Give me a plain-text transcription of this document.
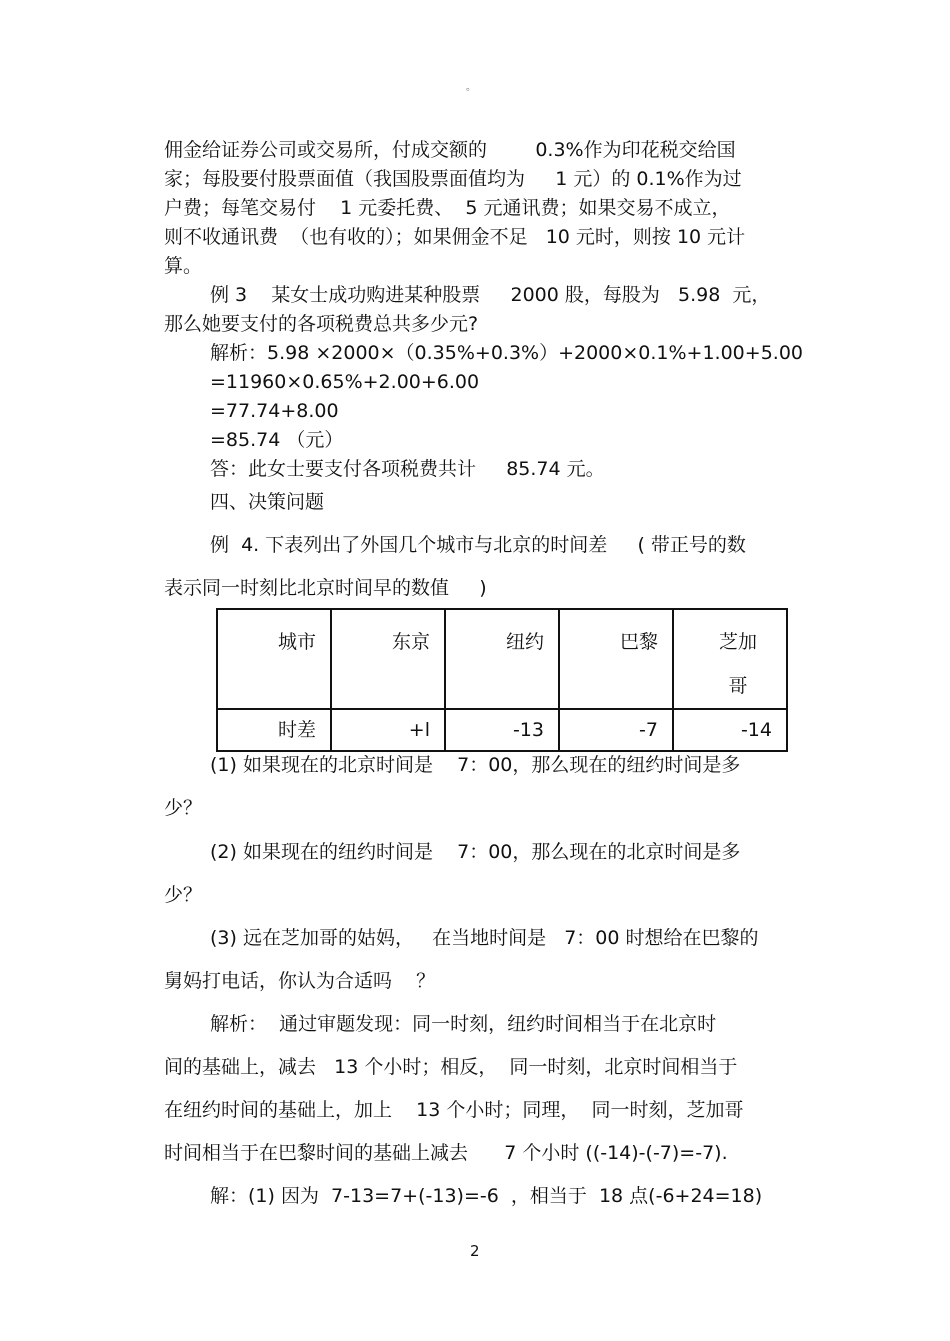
。
佣金给证券公司或交易所，付成交额的        0.3%作为印花税交给国
家；每股要付股票面值（我国股票面值均为     1 元）的 0.1%作为过
户费；每笔交易付    1 元委托费、  5 元通讯费；如果交易不成立，
则不收通讯费  （也有收的）；如果佣金不足   10 元时，则按 10 元计
算。
例 3    某女士成功购进某种股票     2000 股，每股为   5.98  元，
那么她要支付的各项税费总共多少元?
解析：5.98 ×2000×（0.35%+0.3%）+2000×0.1%+1.00+5.00
=11960×0.65%+2.00+6.00
=77.74+8.00
=85.74 （元）
答：此女士要支付各项税费共计     85.74 元。
四、决策问题
例  4. 下表列出了外国几个城市与北京的时间差     ( 带正号的数
表示同一时刻比北京时间早的数值     )
城市	东京	纽约	巴黎	芝加
哥

时差	+l	-13	-7	-14
(1) 如果现在的北京时间是    7：00，那么现在的纽约时间是多
少？
(2) 如果现在的纽约时间是    7：00，那么现在的北京时间是多
少？
(3) 远在芝加哥的姑妈，   在当地时间是   7：00 时想给在巴黎的
舅妈打电话，你认为合适吗    ？
解析：  通过审题发现：同一时刻，纽约时间相当于在北京时
间的基础上，减去   13 个小时；相反，  同一时刻，北京时间相当于
在纽约时间的基础上，加上    13 个小时；同理，  同一时刻，芝加哥
时间相当于在巴黎时间的基础上减去      7 个小时 ((-14)-(-7)=-7).
解：(1) 因为  7-13=7+(-13)=-6  ，相当于  18 点(-6+24=18)
2
